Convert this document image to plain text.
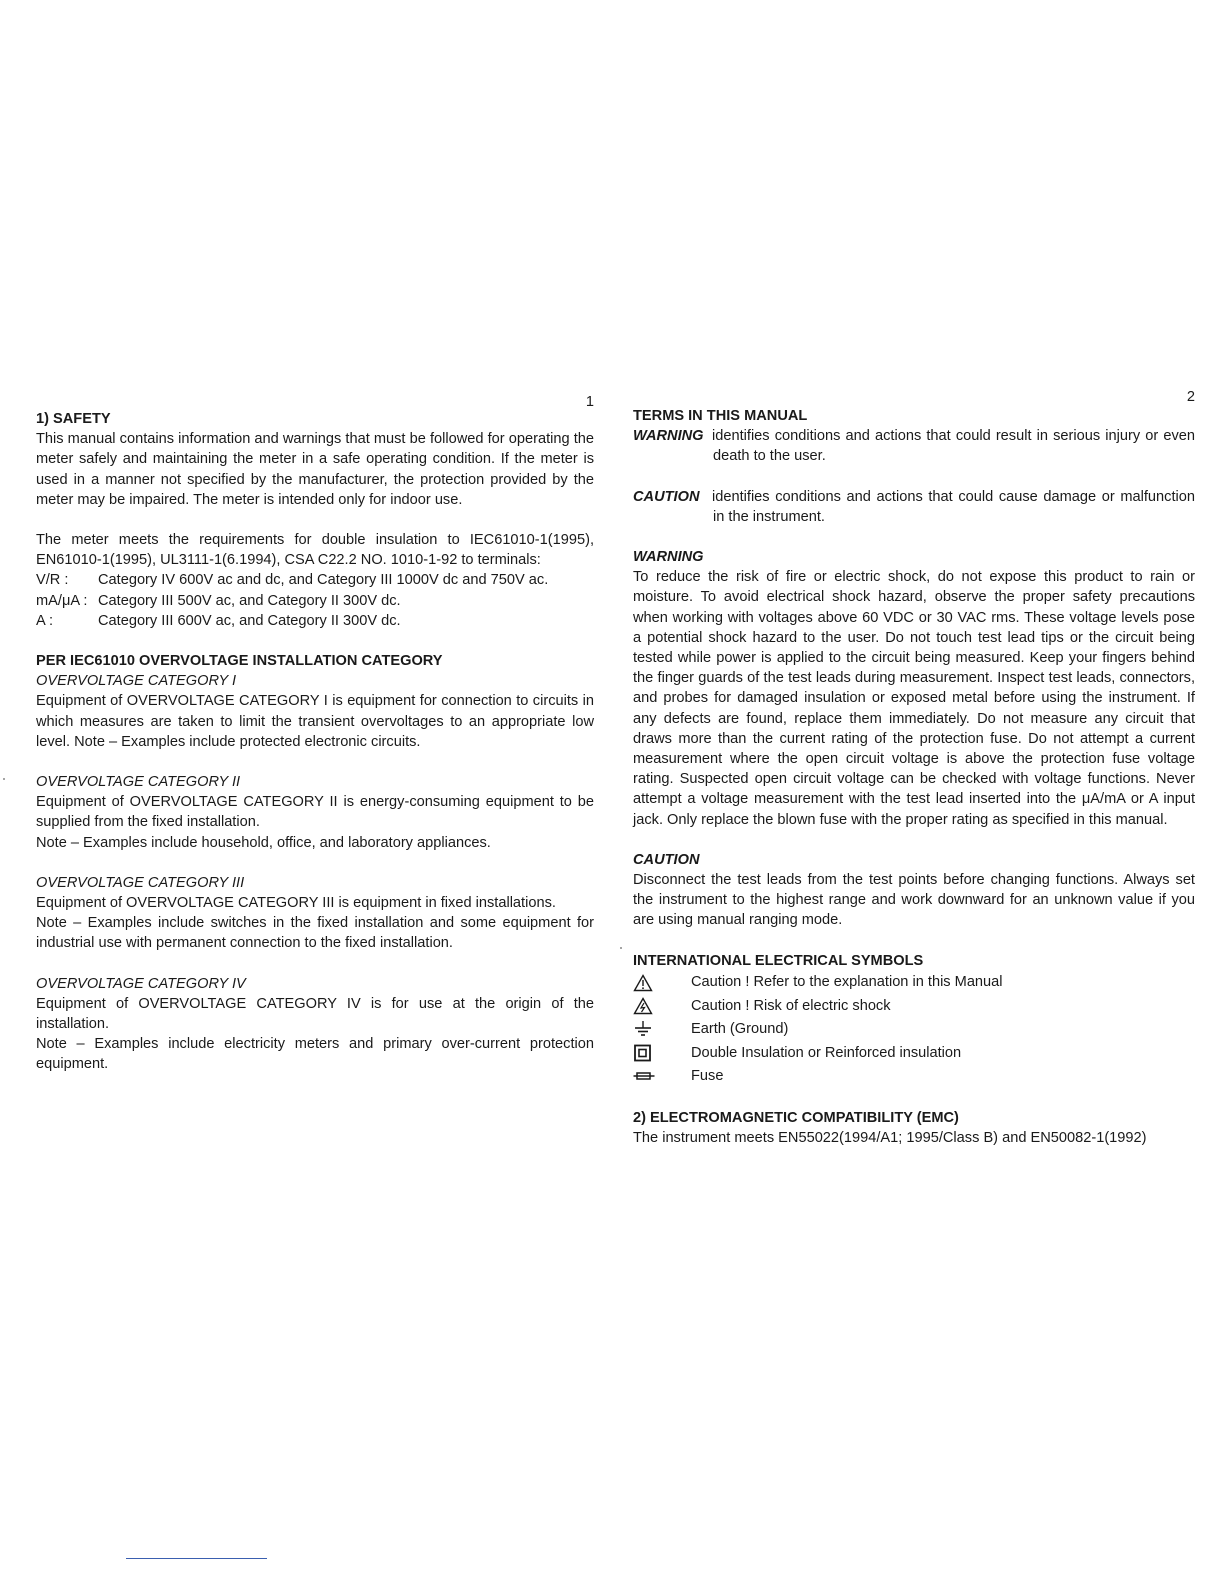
1
1) SAFETY

This manual contains information and warnings that must be followed for operating the meter safely and maintaining the meter in a safe operating condition. If the meter is used in a manner not specified by the manufacturer, the protection provided by the meter may be impaired. The meter is intended only for indoor use.

The meter meets the requirements for double insulation to IEC61010-1(1995), EN61010-1(1995), UL3111-1(6.1994), CSA C22.2 NO. 1010-1-92 to terminals:

V/R :	Category IV 600V ac and dc, and Category III 1000V dc and 750V ac.
mA/μA : Category III 500V ac, and Category II 300V dc.
A :	Category III 600V ac, and Category II 300V dc.
PER IEC61010 OVERVOLTAGE INSTALLATION CATEGORY

OVERVOLTAGE CATEGORY I

Equipment of OVERVOLTAGE CATEGORY I is equipment for connection to circuits in which measures are taken to limit the transient overvoltages to an appropriate low level. Note – Examples include protected electronic circuits.

OVERVOLTAGE CATEGORY II

Equipment of OVERVOLTAGE CATEGORY II is energy-consuming equipment to be supplied from the fixed installation.

Note – Examples include household, office, and laboratory appliances.

OVERVOLTAGE CATEGORY III

Equipment of OVERVOLTAGE CATEGORY III is equipment in fixed installations.

Note – Examples include switches in the fixed installation and some equipment for industrial use with permanent connection to the fixed installation.

OVERVOLTAGE CATEGORY IV

Equipment of OVERVOLTAGE CATEGORY IV is for use at the origin of the installation.

Note – Examples include electricity meters and primary over-current protection equipment.

2
TERMS IN THIS MANUAL
WARNING identifies conditions and actions that could result in serious injury or even death to the user.

CAUTION identifies conditions and actions that could cause damage or malfunction in the instrument.

WARNING

To reduce the risk of fire or electric shock, do not expose this product to rain or moisture. To avoid electrical shock hazard, observe the proper safety precautions when working with voltages above 60 VDC or 30 VAC rms. These voltage levels pose a potential shock hazard to the user. Do not touch test lead tips or the circuit being tested while power is applied to the circuit being measured. Keep your fingers behind the finger guards of the test leads during measurement. Inspect test leads, connectors, and probes for damaged insulation or exposed metal before using the instrument. If any defects are found, replace them immediately. Do not measure any circuit that draws more than the current rating of the protection fuse. Do not attempt a current measurement where the open circuit voltage is above the protection fuse voltage rating. Suspected open circuit voltage can be checked with voltage functions. Never attempt a voltage measurement with the test lead inserted into the μA/mA or A input jack. Only replace the blown fuse with the proper rating as specified in this manual.

CAUTION

Disconnect the test leads from the test points before changing functions. Always set the instrument to the highest range and work downward for an unknown value if you are using manual ranging mode.

INTERNATIONAL ELECTRICAL SYMBOLS
Caution ! Refer to the explanation in this Manual
Caution ! Risk of electric shock
Earth (Ground)
Double Insulation or Reinforced insulation
Fuse
2) ELECTROMAGNETIC COMPATIBILITY (EMC)

The instrument meets EN55022(1994/A1; 1995/Class B) and EN50082-1(1992)
